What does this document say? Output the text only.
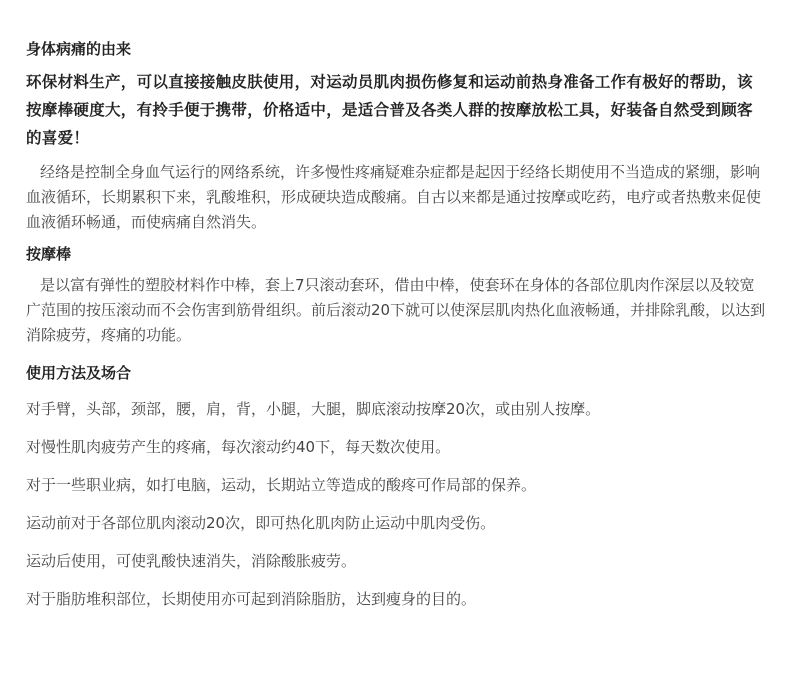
身体病痛的由来

环保材料生产，可以直接接触皮肤使用，对运动员肌肉损伤修复和运动前热身准备工作有极好的帮助，该按摩棒硬度大，有拎手便于携带，价格适中，是适合普及各类人群的按摩放松工具，好装备自然受到顾客的喜爱！

经络是控制全身血气运行的网络系统，许多慢性疼痛疑难杂症都是起因于经络长期使用不当造成的紧绷，影响血液循环，长期累积下来，乳酸堆积，形成硬块造成酸痛。自古以来都是通过按摩或吃药，电疗或者热敷来促使血液循环畅通，而使病痛自然消失。

按摩棒

是以富有弹性的塑胶材料作中棒，套上7只滚动套环，借由中棒，使套环在身体的各部位肌肉作深层以及较宽广范围的按压滚动而不会伤害到筋骨组织。前后滚动20下就可以使深层肌肉热化血液畅通，并排除乳酸，以达到消除疲劳，疼痛的功能。

使用方法及场合

对手臂，头部，颈部，腰，肩，背，小腿，大腿，脚底滚动按摩20次，或由别人按摩。

对慢性肌肉疲劳产生的疼痛，每次滚动约40下，每天数次使用。

对于一些职业病，如打电脑，运动，长期站立等造成的酸疼可作局部的保养。

运动前对于各部位肌肉滚动20次，即可热化肌肉防止运动中肌肉受伤。

运动后使用，可使乳酸快速消失，消除酸胀疲劳。

对于脂肪堆积部位，长期使用亦可起到消除脂肪，达到瘦身的目的。
